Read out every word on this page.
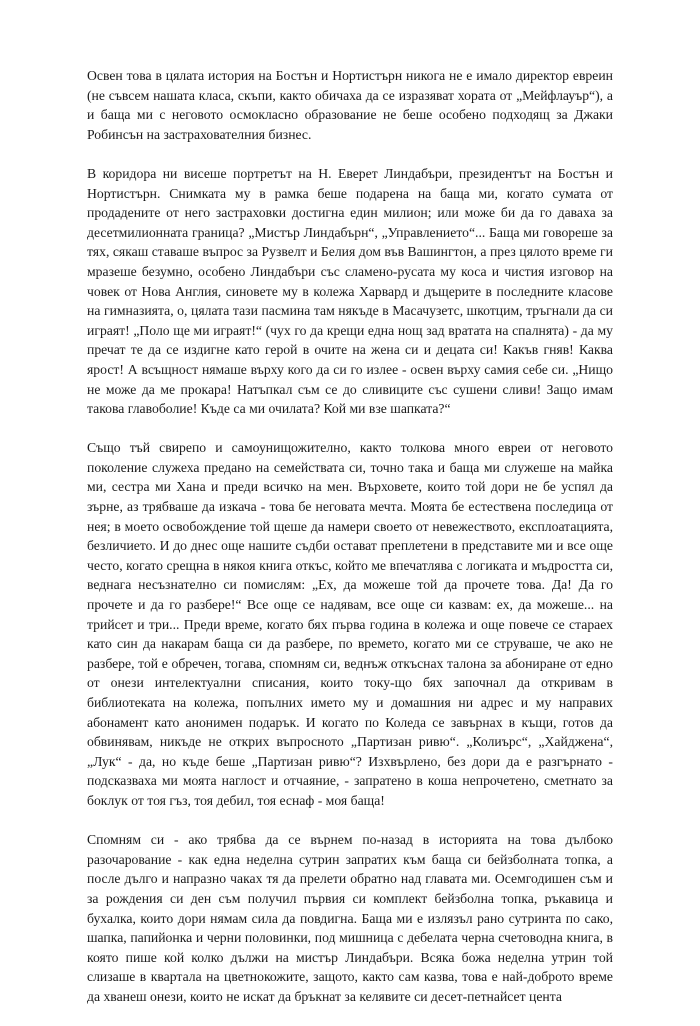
Освен това в цялата история на Бостън и Нортистърн никога не е имало директор евреин (не съвсем нашата класа, скъпи, както обичаха да се изразяват хората от „Мейфлауър“), а и баща ми с неговото осмокласно образование не беше особено подходящ за Джаки Робинсън на застрахователния бизнес.

В коридора ни висеше портретът на Н. Еверет Линдабъри, президентът на Бостън и Нортистърн. Снимката му в рамка беше подарена на баща ми, когато сумата от продадените от него застраховки достигна един милион; или може би да го даваха за десетмилионната граница? „Мистър Линдабърн“, „Управлението“... Баща ми говореше за тях, сякаш ставаше въпрос за Рузвелт и Белия дом във Вашингтон, а през цялото време ги мразеше безумно, особено Линдабъри със сламено-русата му коса и чистия изговор на човек от Нова Англия, синовете му в колежа Харвард и дъщерите в последните класове на гимназията, о, цялата тази пасмина там някъде в Масачузетс, шкотцим, тръгнали да си играят! „Поло ще ми играят!“ (чух го да крещи една нощ зад вратата на спалнята) - да му пречат те да се издигне като герой в очите на жена си и децата си! Какъв гняв! Каква ярост! А всъщност нямаше върху кого да си го излее - освен върху самия себе си. „Нищо не може да ме прокара! Натъпкал съм се до сливиците със сушени сливи! Защо имам такова главоболие! Къде са ми очилата? Кой ми взе шапката?“

Също тъй свирепо и самоунищожително, както толкова много евреи от неговото поколение служеха предано на семействата си, точно така и баща ми служеше на майка ми, сестра ми Хана и преди всичко на мен. Върховете, които той дори не бе успял да зърне, аз трябваше да изкача - това бе неговата мечта. Моята бе естествена последица от нея; в моето освобождение той щеше да намери своето от невежеството, експлоатацията, безличието. И до днес още нашите съдби остават преплетени в представите ми и все още честo, когато срещна в някоя книга откъс, който ме впечатлява с логиката и мъдростта си, веднага несъзнателно си помислям: „Ех, да можеше той да прочете това. Да! Да го прочете и да го разбере!“ Все още се надявам, все още си казвам: ех, да можеше... на трийсет и три... Преди време, когато бях първа година в колежа и още повече се стараех като син да накарам баща си да разбере, по времето, когато ми се струваше, че ако не разбере, той е обречен, тогава, спомням си, веднъж откъснах талона за абониране от едно от онези интелектуални списания, които току-що бях започнал да откривам в библиотеката на колежа, попълних името му и домашния ни адрес и му направих абонамент като анонимен подарък. И когато по Коледа се завърнах в къщи, готов да обвинявам, никъде не открих въпросното „Партизан ривю“. „Колиърс“, „Хайджена“, „Лук“ - да, но къде беше „Партизан ривю“? Изхвърлено, без дори да е разгърнато - подсказваха ми моята наглост и отчаяние, - запратено в коша непрочетено, сметнато за боклук от тоя гъз, тоя дебил, тоя еснаф - моя баща!

Спомням си - ако трябва да се върнем по-назад в историята на това дълбоко разочарование - как една неделна сутрин запратих към баща си бейзболната топка, а после дълго и напразно чаках тя да прелети обратно над главата ми. Осемгодишен съм и за рождения си ден съм получил първия си комплект бейзболна топка, ръкавица и бухалка, които дори нямам сила да повдигна. Баща ми е излязъл рано сутринта по сако, шапка, папийонка и черни половинки, под мишница с дебелата черна счетоводна книга, в която пише кой колко дължи на мистър Линдабъри. Всяка божа неделна утрин той слизаше в квартала на цветнокожите, защото, както сам казва, това е най-доброто време да хванеш онези, които не искат да бръкнат за келявите си десет-петнайсет цента
